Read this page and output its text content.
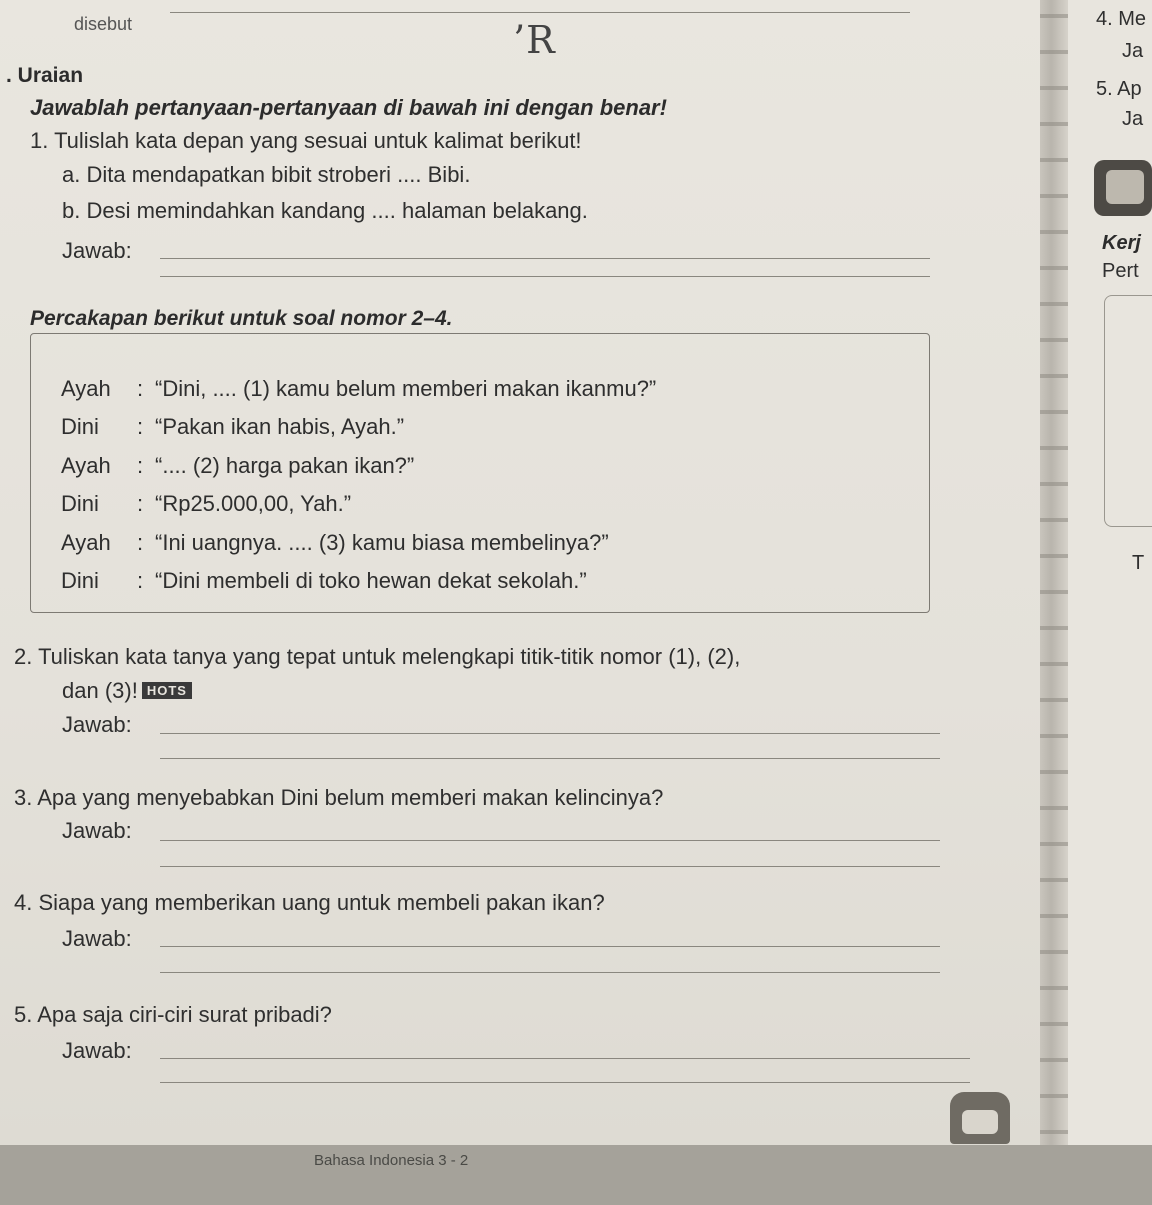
disebut	ʼR
. Uraian
Jawablah pertanyaan-pertanyaan di bawah ini dengan benar!
1. Tulislah kata depan yang sesuai untuk kalimat berikut!
a. Dita mendapatkan bibit stroberi .... Bibi.
b. Desi memindahkan kandang .... halaman belakang.
Jawab:
Percakapan berikut untuk soal nomor 2–4.
Ayah : “Dini, .... (1) kamu belum memberi makan ikanmu?”
Dini : “Pakan ikan habis, Ayah.”
Ayah : “.... (2) harga pakan ikan?”
Dini : “Rp25.000,00, Yah.”
Ayah : “Ini uangnya. .... (3) kamu biasa membelinya?”
Dini : “Dini membeli di toko hewan dekat sekolah.”
2. Tuliskan kata tanya yang tepat untuk melengkapi titik-titik nomor (1), (2),
dan (3)! HOTS
Jawab:
3. Apa yang menyebabkan Dini belum memberi makan kelincinya?
Jawab:
4. Siapa yang memberikan uang untuk membeli pakan ikan?
Jawab:
5. Apa saja ciri-ciri surat pribadi?
Jawab:
4. Me
Ja
5. Ap
Ja
Kerj
Pert
T
Bahasa Indonesia 3 - 2
